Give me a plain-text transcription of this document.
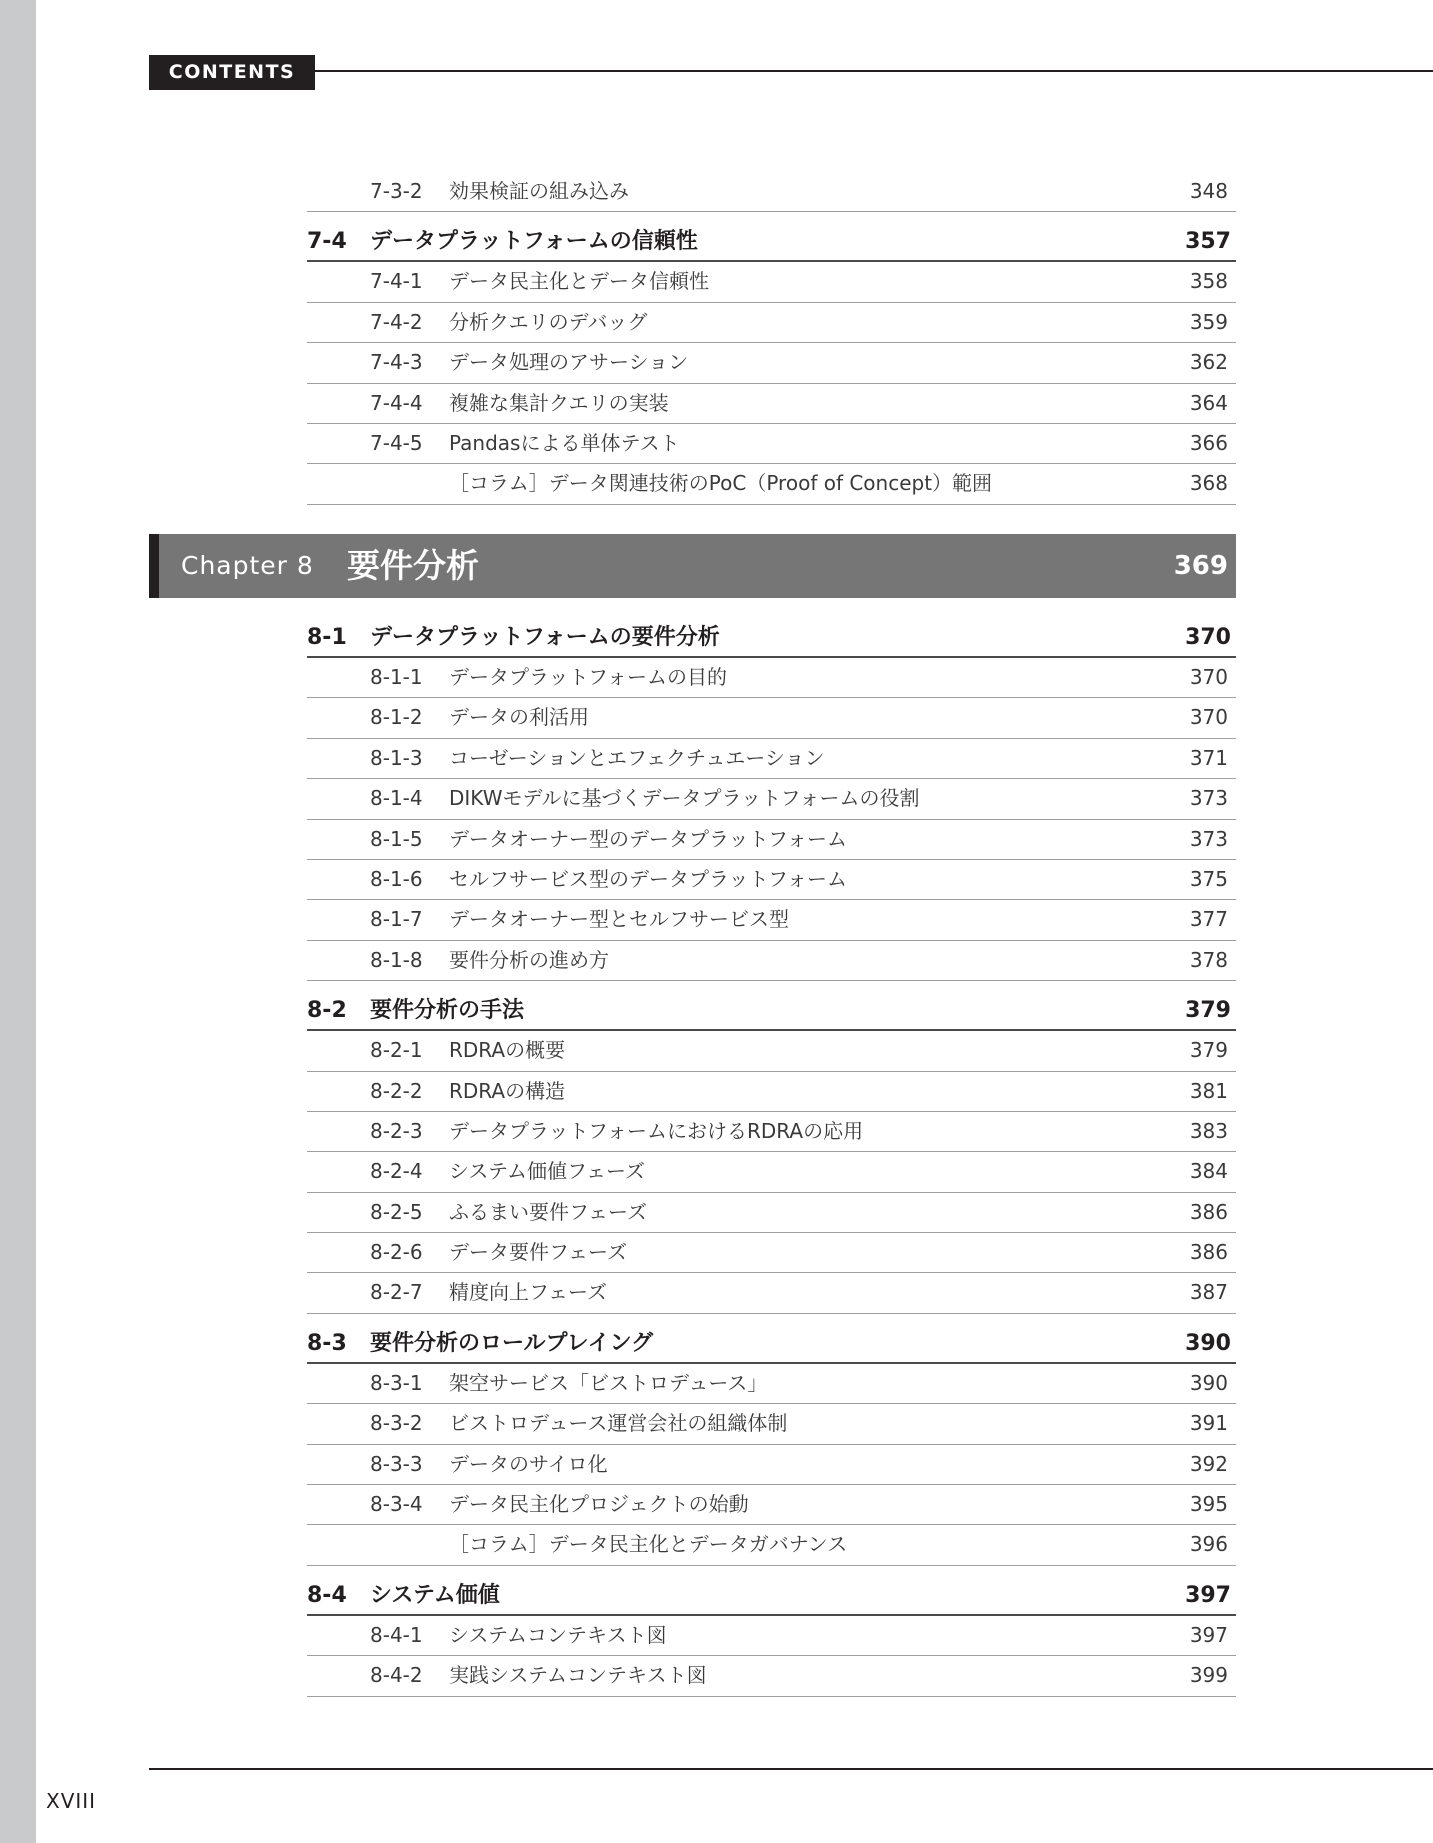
CONTENTS
7-3-2 効果検証の組み込み	348
7-4 データプラットフォームの信頼性	357
7-4-1 データ民主化とデータ信頼性	358
7-4-2 分析クエリのデバッグ	359
7-4-3 データ処理のアサーション	362
7-4-4 複雑な集計クエリの実装	364
7-4-5 Pandasによる単体テスト	366
［コラム］データ関連技術のPoC（Proof of Concept）範囲	368
Chapter 8 要件分析	369
8-1 データプラットフォームの要件分析	370
8-1-1 データプラットフォームの目的	370
8-1-2 データの利活用	370
8-1-3 コーゼーションとエフェクチュエーション	371
8-1-4 DIKWモデルに基づくデータプラットフォームの役割	373
8-1-5 データオーナー型のデータプラットフォーム	373
8-1-6 セルフサービス型のデータプラットフォーム	375
8-1-7 データオーナー型とセルフサービス型	377
8-1-8 要件分析の進め方	378
8-2 要件分析の手法	379
8-2-1 RDRAの概要	379
8-2-2 RDRAの構造	381
8-2-3 データプラットフォームにおけるRDRAの応用	383
8-2-4 システム価値フェーズ	384
8-2-5 ふるまい要件フェーズ	386
8-2-6 データ要件フェーズ	386
8-2-7 精度向上フェーズ	387
8-3 要件分析のロールプレイング	390
8-3-1 架空サービス「ビストロデュース」	390
8-3-2 ビストロデュース運営会社の組織体制	391
8-3-3 データのサイロ化	392
8-3-4 データ民主化プロジェクトの始動	395
［コラム］データ民主化とデータガバナンス	396
8-4 システム価値	397
8-4-1 システムコンテキスト図	397
8-4-2 実践システムコンテキスト図	399
XVIII
